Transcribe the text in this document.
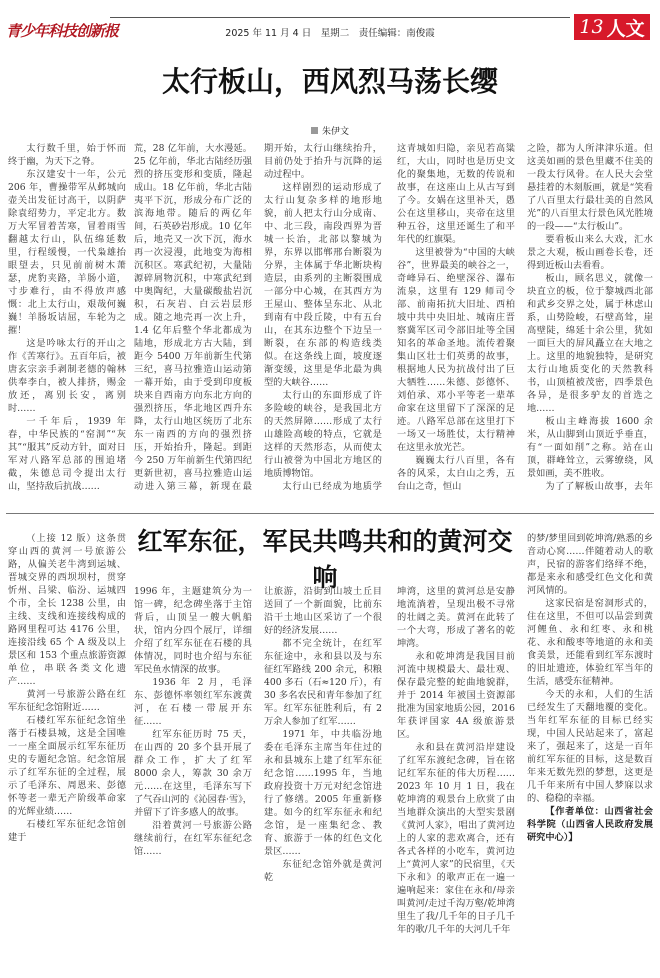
青少年科技创新报	2025 年 11 月 4 日　星期二　责任编辑：南俊霞	13 人文
太行板山，西风烈马荡长缨
朱伊文

太行数千里，始于怀而终于幽，为天下之脊。

东汉建安十一年，公元 206 年，曹操带军从邺城向壶关出发征讨高干，以阴萨除袁绍势力，平定北方。数万大军冒着苦寒，冒着雨雪翻越太行山，队伍绵延数里，行程缓慢，一代枭雄抬眼望去，只见前前树木萧瑟，虎豹夹路，羊肠小道，寸步难行，由不得放声感慨：北上太行山，艰哉何巍巍！羊肠坂诘屈，车轮为之摧！

这是吟咏太行的开山之作《苦寒行》。五百年后，被唐玄宗亲手剥制老德的翰林供奉李白，被人排挤，赐金放还，离别长安，离别时……

一千年后，1939 年春，中华民族的“窑洞”“灰其”“服其”反动方针，面对日军对八路军总部的围追堵截，朱德总司令提出太行山，坚持敌后抗战……

荒，28 亿年前，大水漫延。25 亿年前，华北古陆经历强烈的挤压变形和变质，隆起成山。18 亿年前，华北古陆夷平下沉，形成分布广泛的滨海地带。随后的两亿年间，石英砂岩形成。10 亿年后，地壳又一次下沉，海水再一次浸漫，此地变为海相沉积区。寒武纪初，大量陆源碎屑物沉积，中寒武纪到中奥陶纪，大量碳酸盐岩沉积，石灰岩、白云岩层形成。随之地壳再一次上升，1.4 亿年后整个华北都成为陆地，形成北方古大陆，到距今 5400 万年前新生代第三纪，喜马拉雅造山运动第一幕开始，由于受到印度板块来自西南方向东北方向的强烈挤压，华北地区西升东降，太行山地区统历了北东东一南西的方向的强烈挤压，开始抬升，隆起。到距今 250 万年前新生代第四纪更新世初，喜马拉雅造山运动进入第三幕，新现在最

期开始，太行山继续抬升，目前仍处于抬升与沉降的运动过程中。

这样剧烈的运动形成了太行山复杂多样的地形地貌，前人把太行山分成南、中、北三段，南段西界为晋城一长治，北部以黎城为界，东界以邯郸邢台断裂为分界，主体属于华北断块构造层，由系列的主断裂围成一部分中心城，在其西方为王屋山、整体呈东北、从北到南有中段丘陵，中有五台山，在其东边整个下边呈一断裂，在东部的构造线类似。在这条线上面，坡度逐渐变缓，这里是华北最为典型的大峡谷……

太行山的东面形成了许多险峻的峡谷，是我国北方的天然屏障……形成了太行山雄险高峻的特点，它就是这样的天然形态，从而使太行山被誉为中国北方地区的地质博物馆。

太行山已经成为地质学

这青城如归隐，亲见若高粱红，大山，同时也是历史文化的聚集地，无数的传说和故事，在这座山上从古写到了今。女娲在这里补天，愚公在这里移山，夹帝在这里种五谷，这里还诞生了和平年代的红旗渠。

这里被誉为“中国的大峡谷”，世界最美的峡谷之一，奇峰异石、绝壁深谷、瀑布流泉，这里有 129 师司令部、前南拓抗大旧址、西柏坡中共中央旧址、城南庄晋察冀军区司令部旧址等全国知名的革命圣地。流传着聚集山区壮士们英勇的故事，根据地人民为抗战付出了巨大牺牲……朱德、彭德怀、刘伯承、邓小平等老一辈革命家在这里留下了深深的足迹。八路军总部在这里打下一场又一场胜仗，太行精神在这里永放光芒。

巍巍太行八百里，各有各的风采，太白山之秀，五台山之奇，恒山

之险，都为人所津津乐道。但这美如画的景色里藏不住美的一段太行风骨。在人民大会堂悬挂着的木刻版画，就是“笑看了八百里太行最壮美的自然风光”的八百里太行景色风光胜境的一段——“太行板山”。

要看板山来么大戏，汇水景之大观，板山画卷长卷，还得到近板山去看看。

板山，顾名思义，就像一块直立的板，位于黎城西北部和武乡交界之处，属于林虑山系，山势险峻，石壁高耸，崖高壁陡，绵延十余公里，犹如一面巨大的屏风矗立在大地之上。这里的地貌独特，是研究太行山地质变化的天然教科书，山顶植被茂密，四季景色各异，是很多驴友的首选之地……

板山主峰海拔 1600 余米，从山脚到山顶近乎垂直，有“一面如削”之称。站在山顶，群峰耸立，云雾缭绕，风景如画，美不胜收。

为了了解板山故事，去年

红军东征，军民共鸣共和的黄河交响

（上接 12 版）这条贯穿山西的黄河一号旅游公路，从偏关老牛湾到运城、晋城交界的西坝坝村，贯穿忻州、吕梁、临汾、运城四个市，全长 1238 公里，由主线、支线和连接线构成的路网里程可达 4176 公里，连接沿线 65 个 A 级及以上景区和 153 个重点旅游资源单位，串联各类文化遗产……

黄河一号旅游公路在红军东征纪念馆附近……

石楼红军东征纪念馆坐落于石楼县城，这是全国唯一一座全面展示红军东征历史的专题纪念馆。纪念馆展示了红军东征的全过程，展示了毛泽东、周恩来、彭德怀等老一辈无产阶级革命家的光辉业绩……

石楼红军东征纪念馆创建于

1996 年，主题建筑分为一馆一碑，纪念碑坐落于主馆背后，山顶呈一艘大帆船状，馆内分四个展厅，详细介绍了红军东征在石楼的具体情况，同时也介绍与东征军民鱼水情深的故事。

1936 年 2 月，毛泽东、彭德怀率领红军东渡黄河，在石楼一带展开东征……

红军东征历时 75 天，在山西的 20 多个县开展了群众工作，扩大了红军 8000 余人，筹款 30 余万元……在这里，毛泽东写下了气吞山河的《沁园春·雪》，并留下了许多感人的故事。

沿着黄河一号旅游公路继续前行，在红军东征纪念馆……

让旅游，沿街到山坡土丘目送回了一个新面貌，比前东沿干土地山区采访了一个很好的经济发展……

都不完全统计，在红军东征途中，永和县以及与东征红军路线 200 余元，积粮 400 多石（石≈120 斤），有 30 多名农民和青年参加了红军。红军东征胜利后，有 2 万余人参加了红军……

1971 年，中共临汾地委在毛泽东主席当年住过的永和县城东上建了红军东征纪念馆……1995 年，当地政府投资十万元对纪念馆进行了修缮。2005 年重新修建。如今的红军东征永和纪念馆，是一座集纪念、教育、旅游于一体的红色文化景区……

东征纪念馆外就是黄河乾

坤湾，这里的黄河总是安静地流淌着，呈现出极不寻常的壮阔之美。黄河在此转了一个大弯，形成了著名的乾坤湾。

永和乾坤湾是我国目前河流中规模最大、最壮观、保存最完整的蛇曲地貌群，并于 2014 年被国土资源部批准为国家地质公园，2016 年获评国家 4A 级旅游景区。

永和县在黄河沿岸建设了红军东渡纪念碑，旨在铭记红军东征的伟大历程……2023 年 10 月 1 日，我在乾坤湾的观景台上欣赏了由当地群众演出的大型实景剧《黄河人家》，唱出了黄河边上的人家的悲欢离合，还有各式各样的小吃车，黄河边上“黄河人家”的民宿里，《天下永和》的歌声正在一遍一遍响起来：家住在永和/母亲叫黄河/走过千沟万壑/乾坤湾里生了我/几千年的日子几千年的歌/几千年的大河几千年

的梦/梦里回到乾坤湾/熟悉的乡音动心窝……伴随着动人的歌声，民宿的游客们络绎不绝，都是来永和感受红色文化和黄河风情的。

这家民宿是窑洞形式的，住在这里，不但可以品尝到黄河鲤鱼、永和红枣、永和桃花、永和酸枣等地道的永和美食美景，还能看到红军东渡时的旧址遗迹，体验红军当年的生活，感受东征精神。

今天的永和，人们的生活已经发生了天翻地覆的变化。当年红军东征的目标已经实现，中国人民站起来了，富起来了，强起来了，这是一百年前红军东征的目标，这是数百年来无数先烈的梦想，这更是几千年来所有中国人梦寐以求的、稳稳的幸福。

【作者单位：山西省社会科学院（山西省人民政府发展研究中心）】
